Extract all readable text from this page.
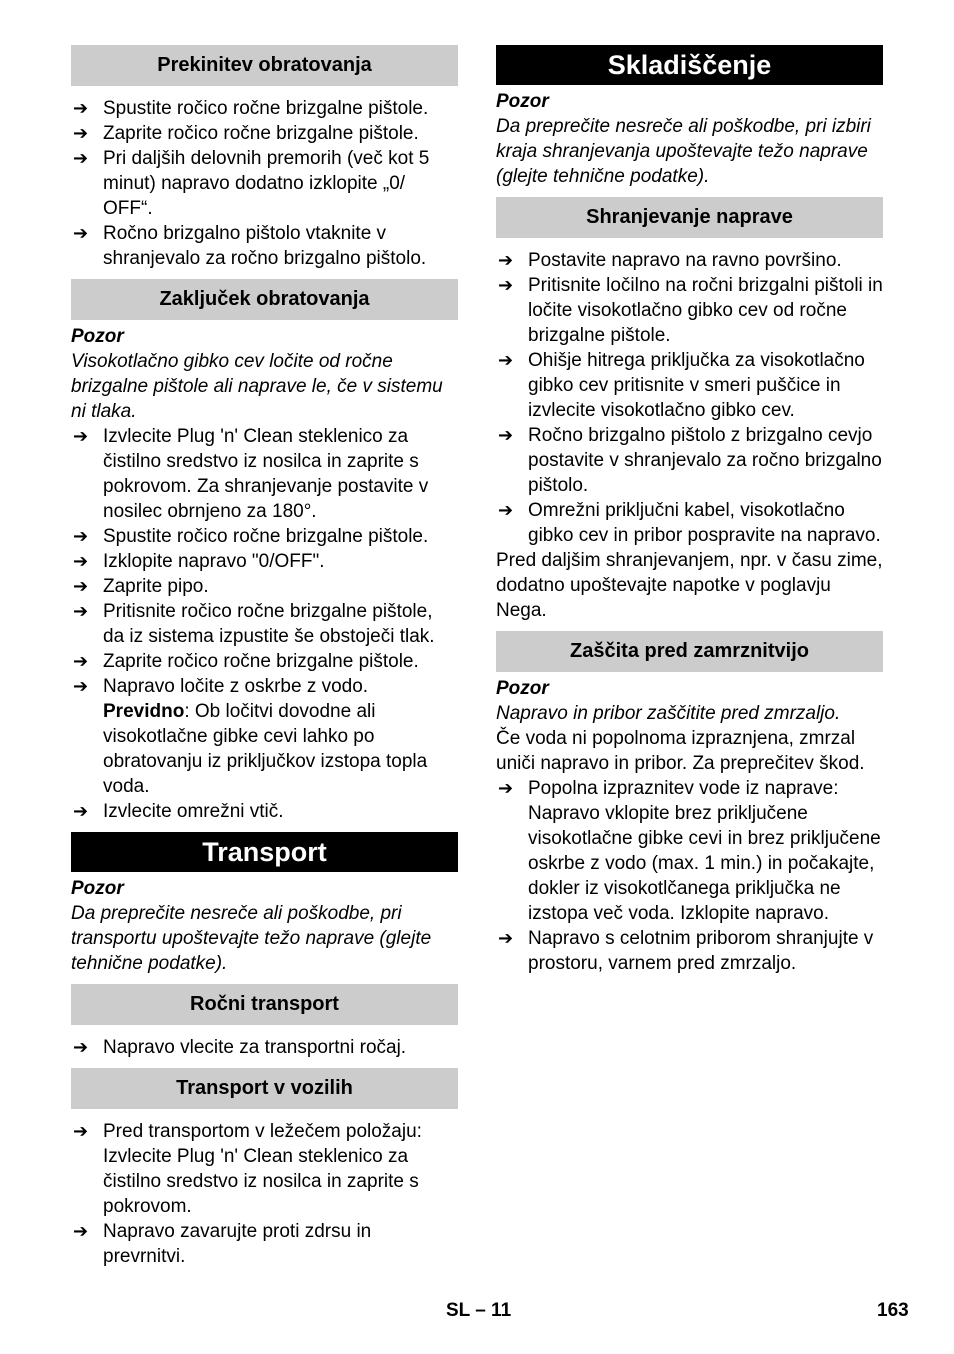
Prekinitev obratovanja
➔ Spustite ročico ročne brizgalne pištole.
➔ Zaprite ročico ročne brizgalne pištole.
➔ Pri daljših delovnih premorih (več kot 5 minut) napravo dodatno izklopite „0/ OFF“.
➔ Ročno brizgalno pištolo vtaknite v shranjevalo za ročno brizgalno pištolo.
Zaključek obratovanja
Pozor
Visokotlačno gibko cev ločite od ročne brizgalne pištole ali naprave le, če v sistemu ni tlaka.
➔ Izvlecite Plug 'n' Clean steklenico za čistilno sredstvo iz nosilca in zaprite s pokrovom. Za shranjevanje postavite v nosilec obrnjeno za 180°.
➔ Spustite ročico ročne brizgalne pištole.
➔ Izklopite napravo "0/OFF".
➔ Zaprite pipo.
➔ Pritisnite ročico ročne brizgalne pištole, da iz sistema izpustite še obstoječi tlak.
➔ Zaprite ročico ročne brizgalne pištole.
➔ Napravo ločite z oskrbe z vodo.
Previdno: Ob ločitvi dovodne ali visokotlačne gibke cevi lahko po obratovanju iz priključkov izstopa topla voda.
➔ Izvlecite omrežni vtič.
Transport
Pozor
Da preprečite nesreče ali poškodbe, pri transportu upoštevajte težo naprave (glejte tehnične podatke).
Ročni transport
➔ Napravo vlecite za transportni ročaj.
Transport v vozilih
➔ Pred transportom v ležečem položaju: Izvlecite Plug 'n' Clean steklenico za čistilno sredstvo iz nosilca in zaprite s pokrovom.
➔ Napravo zavarujte proti zdrsu in prevrnitvi.
Skladiščenje
Pozor
Da preprečite nesreče ali poškodbe, pri izbiri kraja shranjevanja upoštevajte težo naprave (glejte tehnične podatke).
Shranjevanje naprave
➔ Postavite napravo na ravno površino.
➔ Pritisnite ločilno na ročni brizgalni pištoli in ločite visokotlačno gibko cev od ročne brizgalne pištole.
➔ Ohišje hitrega priključka za visokotlačno gibko cev pritisnite v smeri puščice in izvlecite visokotlačno gibko cev.
➔ Ročno brizgalno pištolo z brizgalno cevjo postavite v shranjevalo za ročno brizgalno pištolo.
➔ Omrežni priključni kabel, visokotlačno gibko cev in pribor pospravite na napravo.
Pred daljšim shranjevanjem, npr. v času zime, dodatno upoštevajte napotke v poglavju Nega.
Zaščita pred zamrznitvijo
Pozor
Napravo in pribor zaščitite pred zmrzaljo.
Če voda ni popolnoma izpraznjena, zmrzal uniči napravo in pribor. Za preprečitev škod.
➔ Popolna izpraznitev vode iz naprave: Napravo vklopite brez priključene visokotlačne gibke cevi in brez priključene oskrbe z vodo (max. 1 min.) in počakajte, dokler iz visokotlčanega priključka ne izstopa več voda. Izklopite napravo.
➔ Napravo s celotnim priborom shranjujte v prostoru, varnem pred zmrzaljo.
SL – 11	163
